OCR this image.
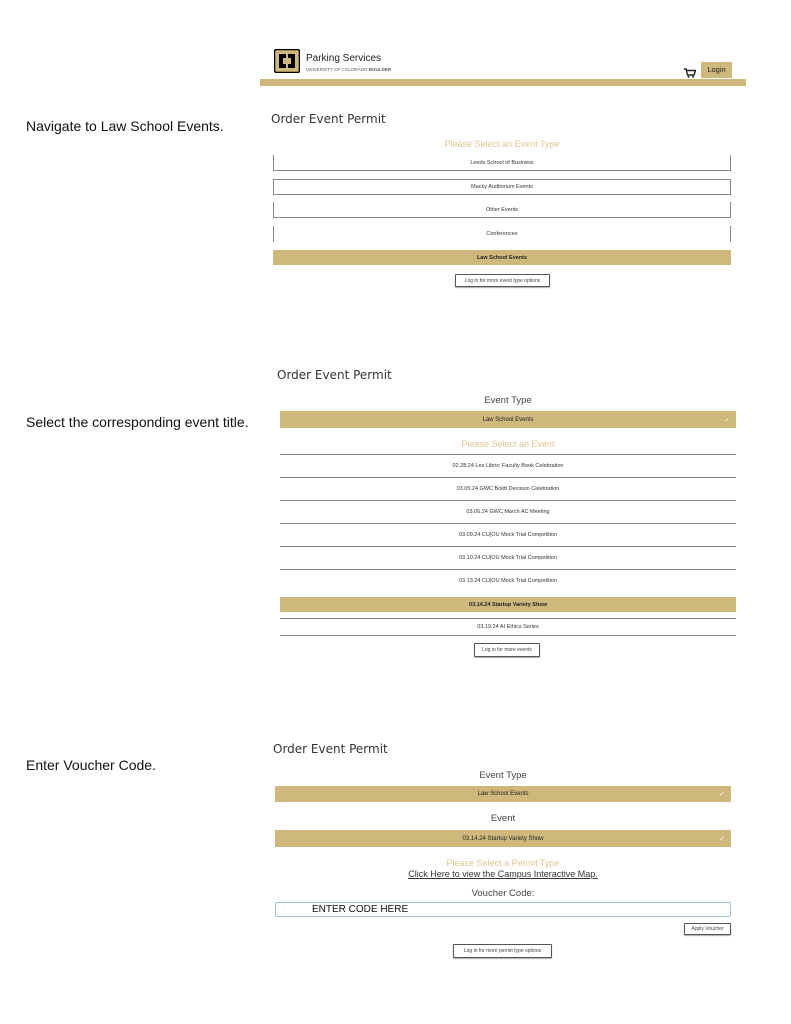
Navigate to Law School Events.
Select the corresponding event title.
Enter Voucher Code.
Parking Services
UNIVERSITY OF COLORADO BOULDER	Login
Order Event Permit
Please Select an Event Type
Leeds School of Business
Macky Auditorium Events
Other Events
Conferences
Law School Events
Log in for more event type options
Order Event Permit
Event Type
Law School Events	✓
Please Select an Event
02.28.24 Lex Libris: Faculty Book Celebration
03.05.24 GWC Boldt Decision Celebration
03.06.24 GWC March AC Meeting
03.09.24 CU|OU Mock Trial Competition
03.10.24 CU|OU Mock Trial Competition
03.13.24 CU|OU Mock Trial Competition
03.14.24 Startup Variety Show
03.19.24 AI Ethics Series
Log in for more events
Order Event Permit
Event Type
Law School Events	✓
Event
03.14.24 Startup Variety Show	✓
Please Select a Permit Type
Click Here to view the Campus Interactive Map.
Voucher Code:
ENTER CODE HERE
Apply Voucher
Log in for more permit type options
